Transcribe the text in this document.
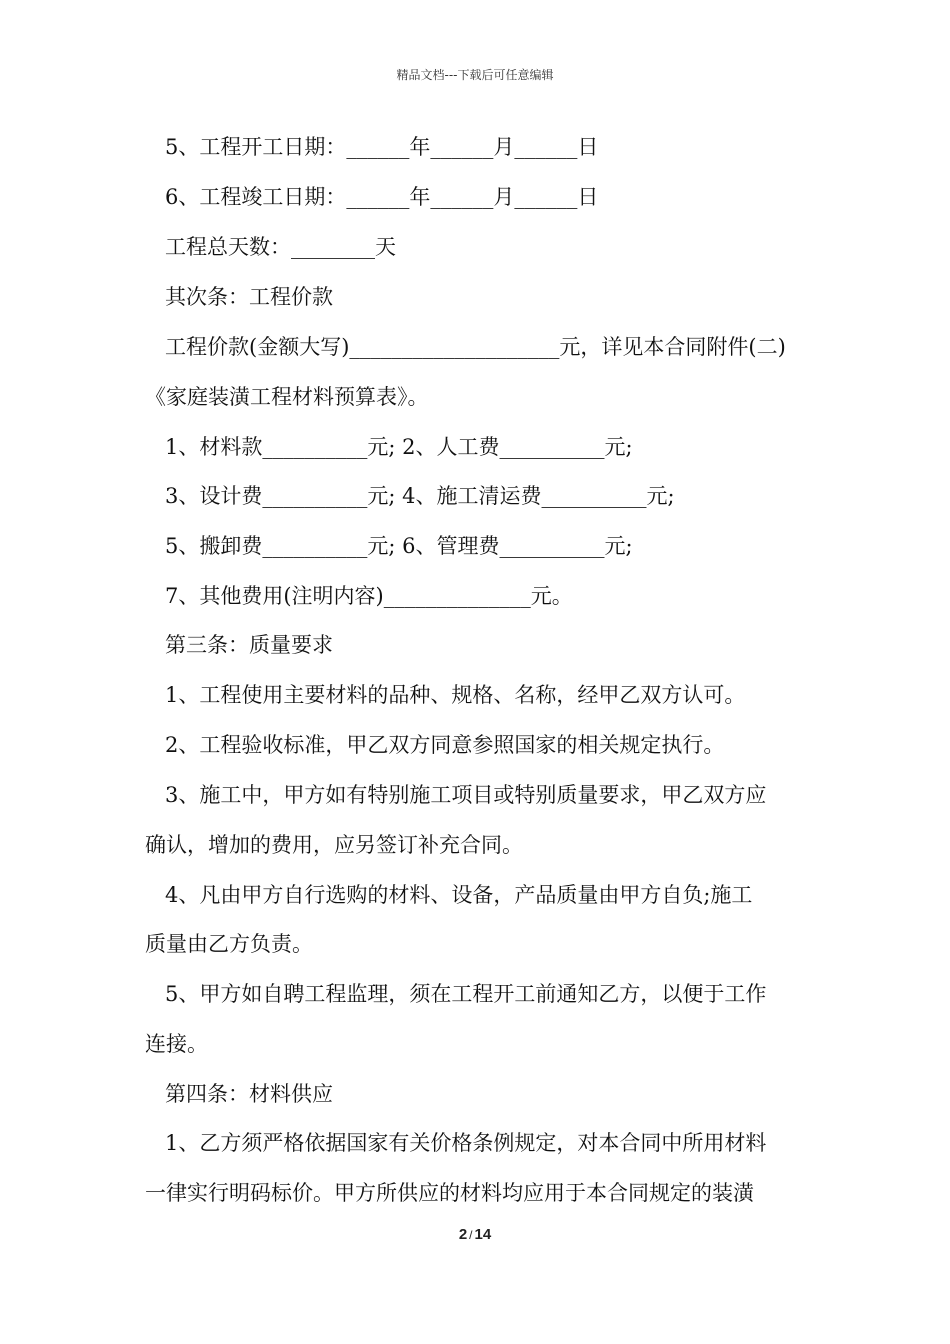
精品文档---下载后可任意编辑
5、工程开工日期：______年______月______日
6、工程竣工日期：______年______月______日
工程总天数：________天
其次条：工程价款
工程价款(金额大写)____________________元，详见本合同附件(二)
《家庭装潢工程材料预算表》。
1、材料款__________元; 2、人工费__________元;
3、设计费__________元; 4、施工清运费__________元;
5、搬卸费__________元; 6、管理费__________元;
7、其他费用(注明内容)______________元。
第三条：质量要求
1、工程使用主要材料的品种、规格、名称，经甲乙双方认可。
2、工程验收标准，甲乙双方同意参照国家的相关规定执行。
3、施工中，甲方如有特别施工项目或特别质量要求，甲乙双方应
确认，增加的费用，应另签订补充合同。
4、凡由甲方自行选购的材料、设备，产品质量由甲方自负;施工
质量由乙方负责。
5、甲方如自聘工程监理，须在工程开工前通知乙方，以便于工作
连接。
第四条：材料供应
1、乙方须严格依据国家有关价格条例规定，对本合同中所用材料
一律实行明码标价。甲方所供应的材料均应用于本合同规定的装潢
2 / 14
